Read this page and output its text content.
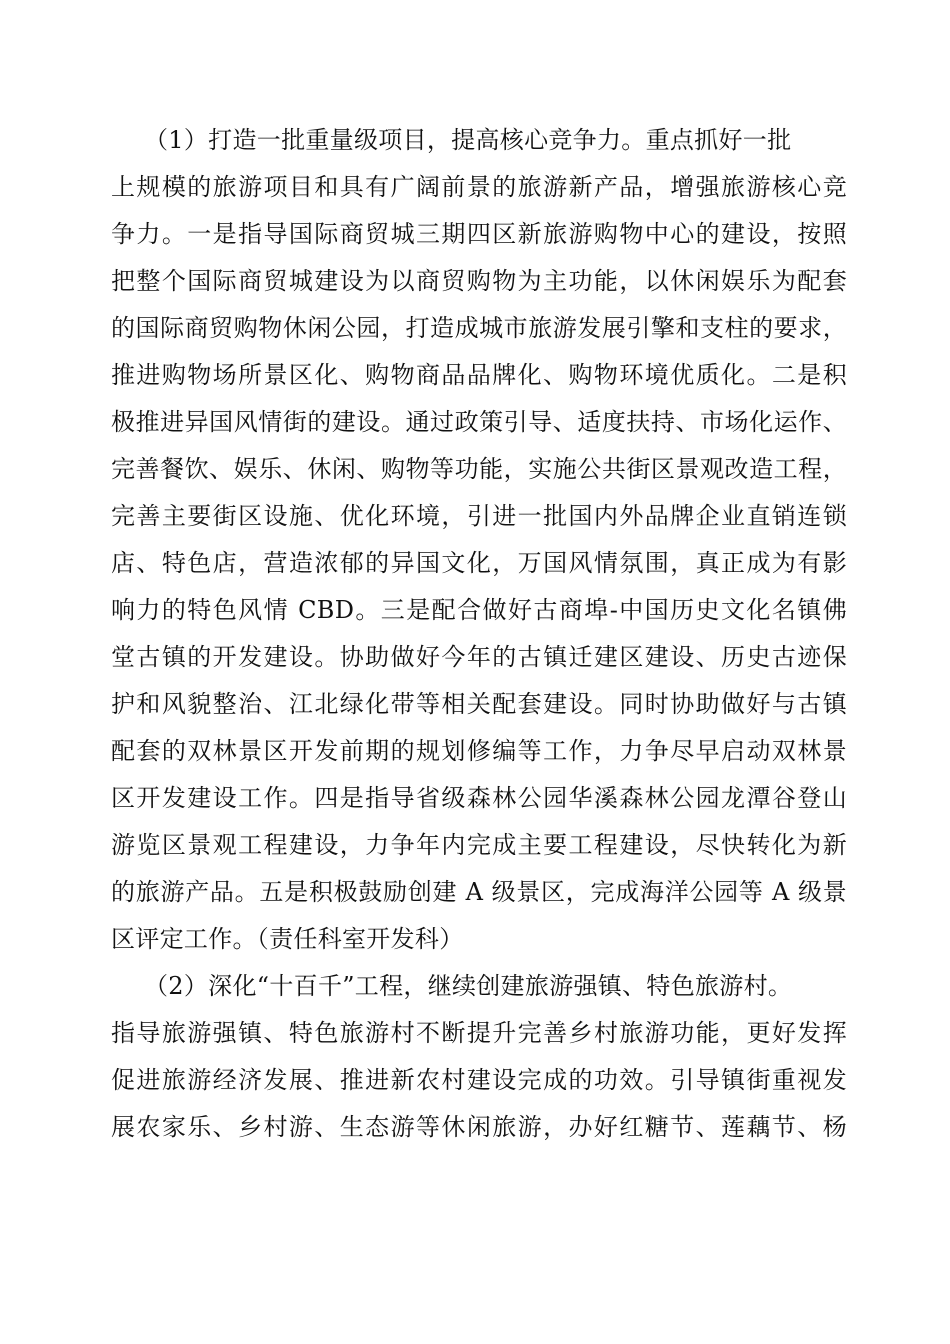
（1）打造一批重量级项目，提高核心竞争力。重点抓好一批
上规模的旅游项目和具有广阔前景的旅游新产品，增强旅游核心竞
争力。一是指导国际商贸城三期四区新旅游购物中心的建设，按照
把整个国际商贸城建设为以商贸购物为主功能，以休闲娱乐为配套
的国际商贸购物休闲公园，打造成城市旅游发展引擎和支柱的要求，
推进购物场所景区化、购物商品品牌化、购物环境优质化。二是积
极推进异国风情街的建设。通过政策引导、适度扶持、市场化运作、
完善餐饮、娱乐、休闲、购物等功能，实施公共街区景观改造工程，
完善主要街区设施、优化环境，引进一批国内外品牌企业直销连锁
店、特色店，营造浓郁的异国文化，万国风情氛围，真正成为有影
响力的特色风情 CBD。三是配合做好古商埠-中国历史文化名镇佛
堂古镇的开发建设。协助做好今年的古镇迁建区建设、历史古迹保
护和风貌整治、江北绿化带等相关配套建设。同时协助做好与古镇
配套的双林景区开发前期的规划修编等工作，力争尽早启动双林景
区开发建设工作。四是指导省级森林公园华溪森林公园龙潭谷登山
游览区景观工程建设，力争年内完成主要工程建设，尽快转化为新
的旅游产品。五是积极鼓励创建 A 级景区，完成海洋公园等 A 级景
区评定工作。（责任科室开发科）
（2）深化“十百千”工程，继续创建旅游强镇、特色旅游村。
指导旅游强镇、特色旅游村不断提升完善乡村旅游功能，更好发挥
促进旅游经济发展、推进新农村建设完成的功效。引导镇街重视发
展农家乐、乡村游、生态游等休闲旅游，办好红糖节、莲藕节、杨
